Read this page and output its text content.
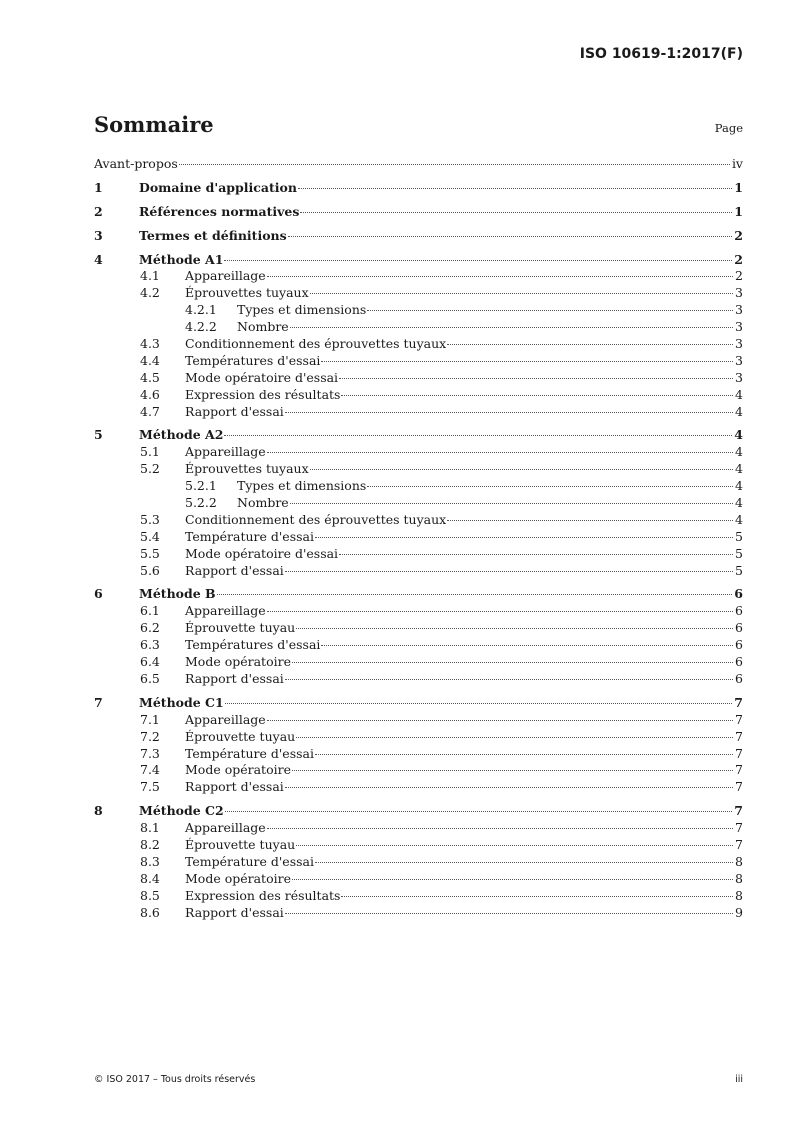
ISO 10619-1:2017(F)
Sommaire	Page
Avant-propos	iv
1	Domaine d'application	1
2	Références normatives	1
3	Termes et définitions	2
4	Méthode A1	2
4.1	Appareillage	2
4.2	Éprouvettes tuyaux	3
4.2.1	Types et dimensions	3
4.2.2	Nombre	3
4.3	Conditionnement des éprouvettes tuyaux	3
4.4	Températures d'essai	3
4.5	Mode opératoire d'essai	3
4.6	Expression des résultats	4
4.7	Rapport d'essai	4
5	Méthode A2	4
5.1	Appareillage	4
5.2	Éprouvettes tuyaux	4
5.2.1	Types et dimensions	4
5.2.2	Nombre	4
5.3	Conditionnement des éprouvettes tuyaux	4
5.4	Température d'essai	5
5.5	Mode opératoire d'essai	5
5.6	Rapport d'essai	5
6	Méthode B	6
6.1	Appareillage	6
6.2	Éprouvette tuyau	6
6.3	Températures d'essai	6
6.4	Mode opératoire	6
6.5	Rapport d'essai	6
7	Méthode C1	7
7.1	Appareillage	7
7.2	Éprouvette tuyau	7
7.3	Température d'essai	7
7.4	Mode opératoire	7
7.5	Rapport d'essai	7
8	Méthode C2	7
8.1	Appareillage	7
8.2	Éprouvette tuyau	7
8.3	Température d'essai	8
8.4	Mode opératoire	8
8.5	Expression des résultats	8
8.6	Rapport d'essai	9
© ISO 2017 – Tous droits réservés	iii
